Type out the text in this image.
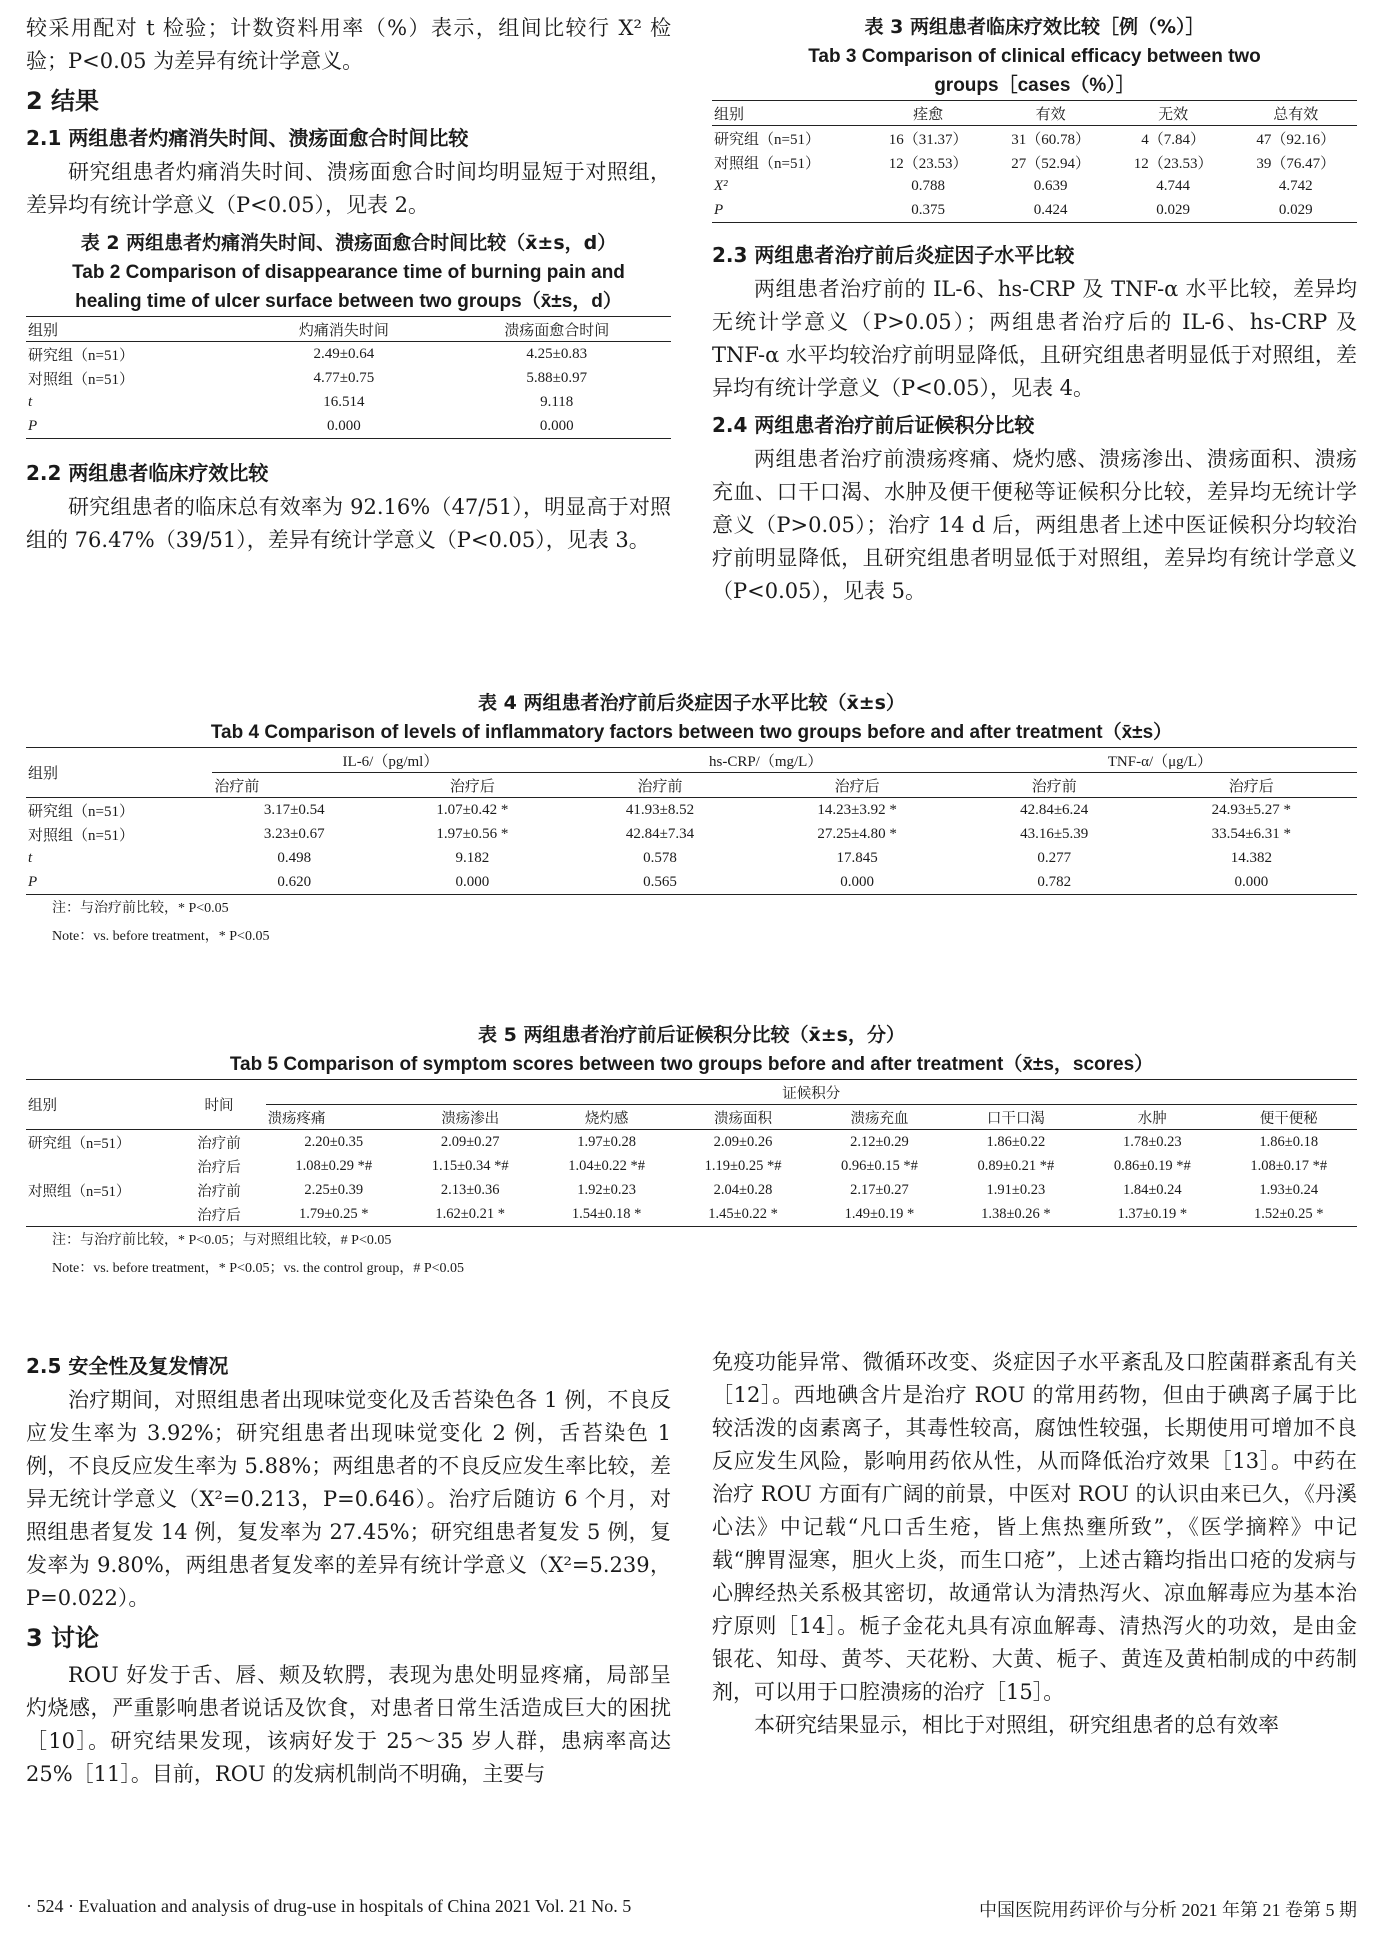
较采用配对 t 检验；计数资料用率（%）表示，组间比较行 X² 检验；P<0.05 为差异有统计学意义。

2 结果
2.1 两组患者灼痛消失时间、溃疡面愈合时间比较

研究组患者灼痛消失时间、溃疡面愈合时间均明显短于对照组，差异均有统计学意义（P<0.05），见表 2。

表 2 两组患者灼痛消失时间、溃疡面愈合时间比较（x̄±s，d）
Tab 2 Comparison of disappearance time of burning pain and
healing time of ulcer surface between two groups（x̄±s，d）
组别	灼痛消失时间	溃疡面愈合时间
研究组（n=51）	2.49±0.64	4.25±0.83
对照组（n=51）	4.77±0.75	5.88±0.97
t	16.514	9.118
P	0.000	0.000
2.2 两组患者临床疗效比较

研究组患者的临床总有效率为 92.16%（47/51），明显高于对照组的 76.47%（39/51），差异有统计学意义（P<0.05），见表 3。

表 3 两组患者临床疗效比较［例（%）］
Tab 3 Comparison of clinical efficacy between two
groups［cases（%）］
组别	痊愈	有效	无效	总有效
研究组（n=51）	16（31.37）	31（60.78）	4（7.84）	47（92.16）
对照组（n=51）	12（23.53）	27（52.94）	12（23.53）	39（76.47）
X²	0.788	0.639	4.744	4.742
P	0.375	0.424	0.029	0.029
2.3 两组患者治疗前后炎症因子水平比较

两组患者治疗前的 IL-6、hs-CRP 及 TNF-α 水平比较，差异均无统计学意义（P>0.05）；两组患者治疗后的 IL-6、hs-CRP 及 TNF-α 水平均较治疗前明显降低，且研究组患者明显低于对照组，差异均有统计学意义（P<0.05），见表 4。

2.4 两组患者治疗前后证候积分比较

两组患者治疗前溃疡疼痛、烧灼感、溃疡渗出、溃疡面积、溃疡充血、口干口渴、水肿及便干便秘等证候积分比较，差异均无统计学意义（P>0.05）；治疗 14 d 后，两组患者上述中医证候积分均较治疗前明显降低，且研究组患者明显低于对照组，差异均有统计学意义（P<0.05），见表 5。

表 4 两组患者治疗前后炎症因子水平比较（x̄±s）
Tab 4 Comparison of levels of inflammatory factors between two groups before and after treatment（x̄±s）
组别	IL-6/（pg/ml）		hs-CRP/（mg/L）		TNF-α/（μg/L）	
	治疗前	治疗后	治疗前	治疗后	治疗前	治疗后
研究组（n=51）	3.17±0.54	1.07±0.42 *	41.93±8.52	14.23±3.92 *	42.84±6.24	24.93±5.27 *
对照组（n=51）	3.23±0.67	1.97±0.56 *	42.84±7.34	27.25±4.80 *	43.16±5.39	33.54±6.31 *
t	0.498	9.182	0.578	17.845	0.277	14.382
P	0.620	0.000	0.565	0.000	0.782	0.000
注：与治疗前比较，* P<0.05
Note：vs. before treatment，* P<0.05
表 5 两组患者治疗前后证候积分比较（x̄±s，分）
Tab 5 Comparison of symptom scores between two groups before and after treatment（x̄±s，scores）
组别	时间	证候积分							
		溃疡疼痛	溃疡渗出	烧灼感	溃疡面积	溃疡充血	口干口渴	水肿	便干便秘
研究组（n=51）	治疗前	2.20±0.35	2.09±0.27	1.97±0.28	2.09±0.26	2.12±0.29	1.86±0.22	1.78±0.23	1.86±0.18
	治疗后	1.08±0.29 *#	1.15±0.34 *#	1.04±0.22 *#	1.19±0.25 *#	0.96±0.15 *#	0.89±0.21 *#	0.86±0.19 *#	1.08±0.17 *#
对照组（n=51）	治疗前	2.25±0.39	2.13±0.36	1.92±0.23	2.04±0.28	2.17±0.27	1.91±0.23	1.84±0.24	1.93±0.24
	治疗后	1.79±0.25 *	1.62±0.21 *	1.54±0.18 *	1.45±0.22 *	1.49±0.19 *	1.38±0.26 *	1.37±0.19 *	1.52±0.25 *
注：与治疗前比较，* P<0.05；与对照组比较，# P<0.05
Note：vs. before treatment，* P<0.05；vs. the control group，# P<0.05
2.5 安全性及复发情况

治疗期间，对照组患者出现味觉变化及舌苔染色各 1 例，不良反应发生率为 3.92%；研究组患者出现味觉变化 2 例，舌苔染色 1 例，不良反应发生率为 5.88%；两组患者的不良反应发生率比较，差异无统计学意义（X²=0.213，P=0.646）。治疗后随访 6 个月，对照组患者复发 14 例，复发率为 27.45%；研究组患者复发 5 例，复发率为 9.80%，两组患者复发率的差异有统计学意义（X²=5.239，P=0.022）。

3 讨论

ROU 好发于舌、唇、颊及软腭，表现为患处明显疼痛，局部呈灼烧感，严重影响患者说话及饮食，对患者日常生活造成巨大的困扰［10］。研究结果发现，该病好发于 25～35 岁人群，患病率高达 25%［11］。目前，ROU 的发病机制尚不明确，主要与

免疫功能异常、微循环改变、炎症因子水平紊乱及口腔菌群紊乱有关［12］。西地碘含片是治疗 ROU 的常用药物，但由于碘离子属于比较活泼的卤素离子，其毒性较高，腐蚀性较强，长期使用可增加不良反应发生风险，影响用药依从性，从而降低治疗效果［13］。中药在治疗 ROU 方面有广阔的前景，中医对 ROU 的认识由来已久，《丹溪心法》中记载“凡口舌生疮，皆上焦热壅所致”，《医学摘粹》中记载“脾胃湿寒，胆火上炎，而生口疮”，上述古籍均指出口疮的发病与心脾经热关系极其密切，故通常认为清热泻火、凉血解毒应为基本治疗原则［14］。栀子金花丸具有凉血解毒、清热泻火的功效，是由金银花、知母、黄芩、天花粉、大黄、栀子、黄连及黄柏制成的中药制剂，可以用于口腔溃疡的治疗［15］。

本研究结果显示，相比于对照组，研究组患者的总有效率

· 524 · Evaluation and analysis of drug-use in hospitals of China 2021 Vol. 21 No. 5	中国医院用药评价与分析 2021 年第 21 卷第 5 期
